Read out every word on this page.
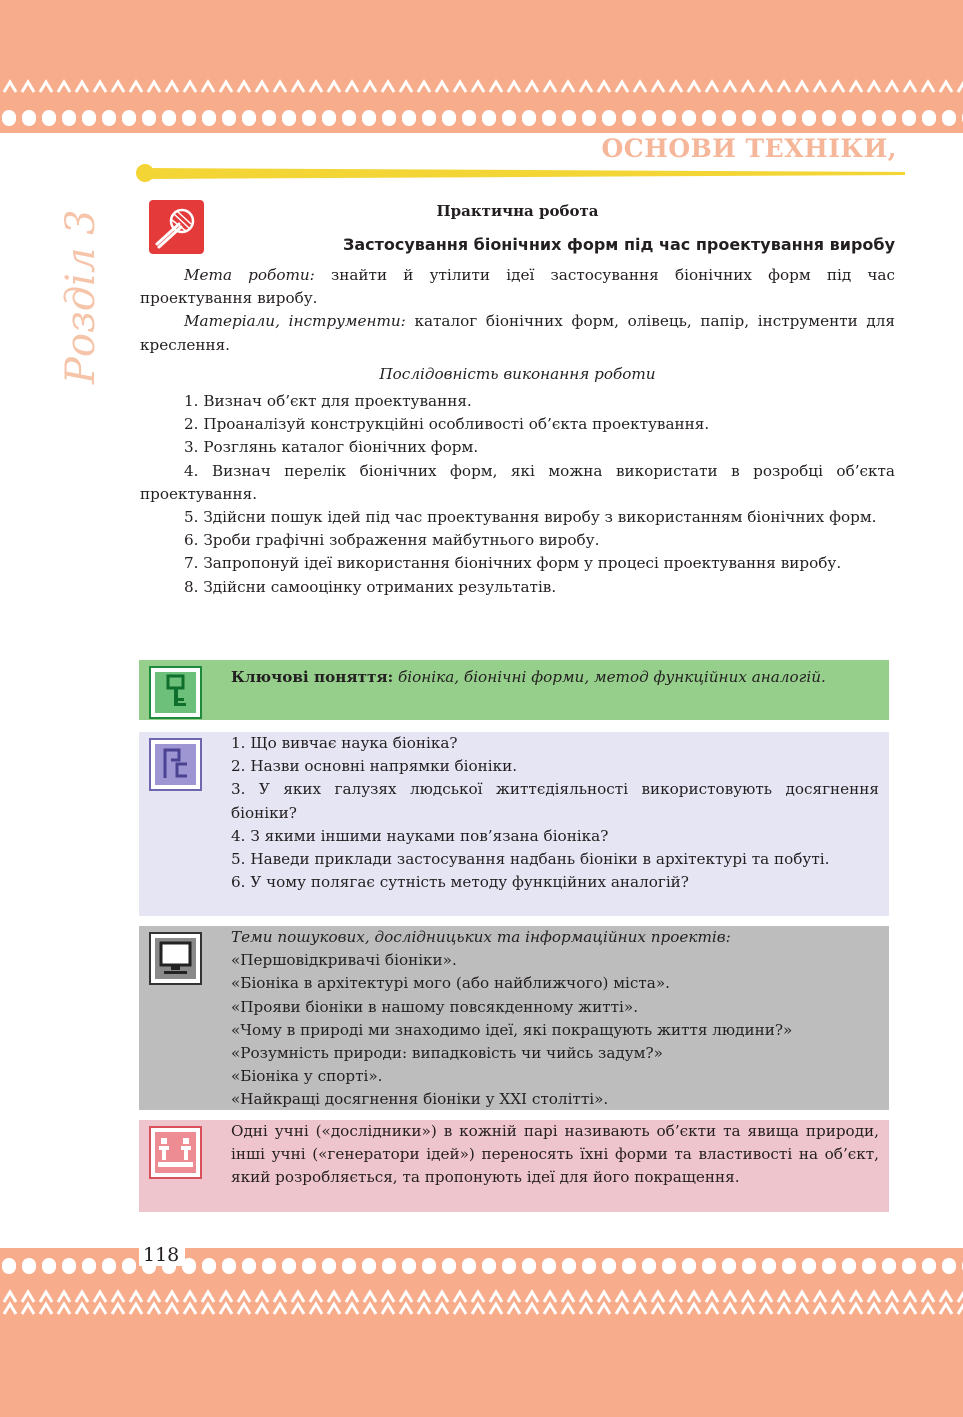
ОСНОВИ ТЕХНІКИ,
Розділ 3	Практична робота
Застосування біонічних форм під час проектування виробу

Мета роботи: знайти й утілити ідеї застосування біонічних форм під час проектування виробу.

Матеріали, інструменти: каталог біонічних форм, олівець, папір, інструменти для креслення.

Послідовність виконання роботи

1. Визнач об’єкт для проектування.

2. Проаналізуй конструкційні особливості об’єкта проектування.

3. Розглянь каталог біонічних форм.

4. Визнач перелік біонічних форм, які можна використати в розробці об’єкта проектування.

5. Здійсни пошук ідей під час проектування виробу з використанням біонічних форм.

6. Зроби графічні зображення майбутнього виробу.

7. Запропонуй ідеї використання біонічних форм у процесі проектування виробу.

8. Здійсни самооцінку отриманих результатів.

Ключові поняття: біоніка, біонічні форми, метод функційних аналогій.
1. Що вивчає наука біоніка?
2. Назви основні напрямки біоніки.
3. У яких галузях людської життєдіяльності використовують досягнення біоніки?
4. З якими іншими науками пов’язана біоніка?
5. Наведи приклади застосування надбань біоніки в архітектурі та побуті.
6. У чому полягає сутність методу функційних аналогій?
Теми пошукових, дослідницьких та інформаційних проектів:
«Першовідкривачі біоніки».
«Біоніка в архітектурі мого (або найближчого) міста».
«Прояви біоніки в нашому повсякденному житті».
«Чому в природі ми знаходимо ідеї, які покращують життя людини?»
«Розумність природи: випадковість чи чийсь задум?»
«Біоніка у спорті».
«Найкращі досягнення біоніки у XXI столітті».
Одні учні («дослідники») в кожній парі називають об’єкти та явища природи, інші учні («генератори ідей») переносять їхні форми та властивості на об’єкт, який розробляється, та пропонують ідеї для його покращення.
118
